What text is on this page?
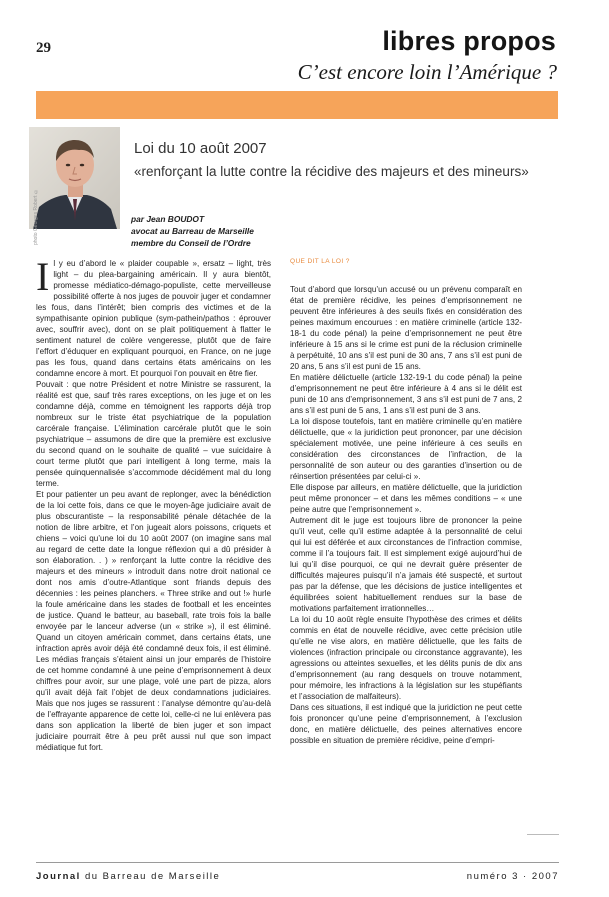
29	libres propos
C’est encore loin l’Amérique ?
photo Georges Robert ©
Loi du 10 août 2007
«renforçant la lutte contre la récidive des majeurs et des mineurs»
par Jean BOUDOT
avocat au Barreau de Marseille
membre du Conseil de l’Ordre
I l y eu d’abord le « plaider coupable », ersatz – light, très light – du plea-bargaining américain. Il y aura bientôt, promesse médiatico-démago-populiste, cette merveilleuse possibilité offerte à nos juges de pouvoir juger et condamner les fous, dans l’intérêt; bien compris des victimes et de la sympathisante opinion publique (sym-pathein/pathos : éprouver avec, souffrir avec), dont on se plait politiquement à flatter le sentiment naturel de colère vengeresse, plutôt que de faire l’effort d’éduquer en expliquant pourquoi, en France, on ne juge pas les fous, quand dans certains états américains on les condamne encore à mort. Et pourquoi l’on pouvait en être fier.

Pouvait : que notre Président et notre Ministre se rassurent, la réalité est que, sauf très rares exceptions, on les juge et on les condamne déjà, comme en témoignent les rapports déjà trop nombreux sur le triste état psychiatrique de la population carcérale française. L’élimination carcérale plutôt que le soin psychiatrique – assumons de dire que la première est exclusive du second quand on le souhaite de qualité – vue suicidaire à court terme plutôt que pari intelligent à long terme, mais la pensée quinquennalisée s’accommode décidément mal du long terme.

Et pour patienter un peu avant de replonger, avec la bénédiction de la loi cette fois, dans ce que le moyen-âge judiciaire avait de plus obscurantiste – la responsabilité pénale détachée de la notion de libre arbitre, et l’on jugeait alors poissons, criquets et chiens – voici qu’une loi du 10 août 2007 (on imagine sans mal au regard de cette date la longue réflexion qui a dû présider à son élaboration. . ) » renforçant la lutte contre la récidive des majeurs et des mineurs » introduit dans notre droit national ce dont nos amis d’outre-Atlantique sont friands depuis des décennies : les peines planchers. « Three strike and out !» hurle la foule américaine dans les stades de football et les enceintes de justice. Quand le batteur, au baseball, rate trois fois la balle envoyée par le lanceur adverse (un « strike »), il est éliminé. Quand un citoyen américain commet, dans certains états, une infraction après avoir déjà été condamné deux fois, il est éliminé. Les médias français s’étaient ainsi un jour emparés de l’histoire de cet homme condamné à une peine d’emprisonnement à deux chiffres pour avoir, sur une plage, volé une part de pizza, alors qu’il avait déjà fait l’objet de deux condamnations judiciaires. Mais que nos juges se rassurent : l’analyse démontre qu’au-delà de l’effrayante apparence de cette loi, celle-ci ne lui enlèvera pas dans son application la liberté de bien juger et son impact judiciaire pourrait être à peu prêt aussi nul que son impact médiatique fut fort.

QUE DIT LA LOI ?

Tout d’abord que lorsqu’un accusé ou un prévenu comparaît en état de première récidive, les peines d’emprisonnement ne peuvent être inférieures à des seuils fixés en considération des peines maximum encourues : en matière criminelle (article 132-18-1 du code pénal) la peine d’emprisonnement ne peut être inférieure à 15 ans si le crime est puni de la réclusion criminelle à perpétuité, 10 ans s’il est puni de 30 ans, 7 ans s’il est puni de 20 ans, 5 ans s’il est puni de 15 ans.

En matière délictuelle (article 132-19-1 du code pénal) la peine d’emprisonnement ne peut être inférieure à 4 ans si le délit est puni de 10 ans d’emprisonnement, 3 ans s’il est puni de 7 ans, 2 ans s’il est puni de 5 ans, 1 ans s’il est puni de 3 ans.

La loi dispose toutefois, tant en matière criminelle qu’en matière délictuelle, que « la juridiction peut prononcer, par une décision spécialement motivée, une peine inférieure à ces seuils en considération des circonstances de l’infraction, de la personnalité de son auteur ou des garanties d’insertion ou de réinsertion présentées par celui-ci ».

Elle dispose par ailleurs, en matière délictuelle, que la juridiction peut même prononcer – et dans les mêmes conditions – « une peine autre que l’emprisonnement ».

Autrement dit le juge est toujours libre de prononcer la peine qu’il veut, celle qu’il estime adaptée à la personnalité de celui qui lui est déférée et aux circonstances de l’infraction commise, comme il l’a toujours fait. Il est simplement exigé aujourd’hui de lui qu’il dise pourquoi, ce qui ne devrait guère présenter de difficultés majeures puisqu’il n’a jamais été suspecté, et surtout pas par la défense, que les décisions de justice intelligentes et équilibrées soient habituellement rendues sur la base de motivations parfaitement irrationnelles…

La loi du 10 août règle ensuite l’hypothèse des crimes et délits commis en état de nouvelle récidive, avec cette précision utile qu’elle ne vise alors, en matière délictuelle, que les faits de violences (infraction principale ou circonstance aggravante), les agressions ou atteintes sexuelles, et les délits punis de dix ans d’emprisonnement (au rang desquels on trouve notamment, pour mémoire, les infractions à la législation sur les stupéfiants et l’association de malfaiteurs).

Dans ces situations, il est indiqué que la juridiction ne peut cette fois prononcer qu’une peine d’emprisonnement, à l’exclusion donc, en matière délictuelle, des peines alternatives encore possible en situation de première récidive, peine d’empri-

Journal du Barreau de Marseille	numéro 3 · 2007
